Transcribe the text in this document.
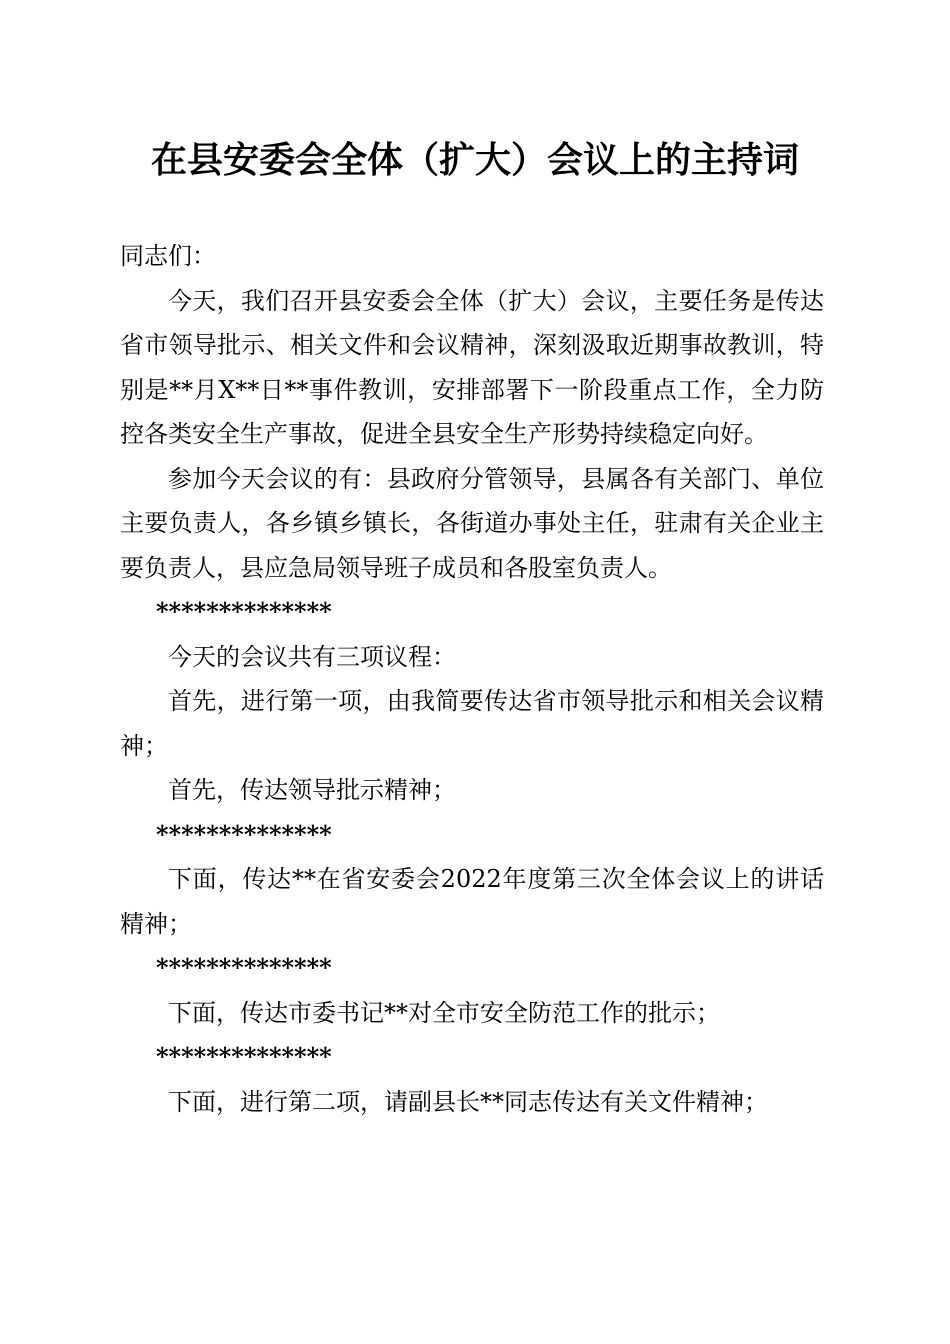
在县安委会全体（扩大）会议上的主持词

同志们：

今天，我们召开县安委会全体（扩大）会议，主要任务是传达省市领导批示、相关文件和会议精神，深刻汲取近期事故教训，特别是**月X**日**事件教训，安排部署下一阶段重点工作，全力防控各类安全生产事故，促进全县安全生产形势持续稳定向好。

参加今天会议的有：县政府分管领导，县属各有关部门、单位主要负责人，各乡镇乡镇长，各街道办事处主任，驻肃有关企业主要负责人，县应急局领导班子成员和各股室负责人。

**************

今天的会议共有三项议程：

首先，进行第一项，由我简要传达省市领导批示和相关会议精神；

首先，传达领导批示精神；

**************

下面，传达**在省安委会2022年度第三次全体会议上的讲话精神；

**************

下面，传达市委书记**对全市安全防范工作的批示；

**************

下面，进行第二项，请副县长**同志传达有关文件精神；
